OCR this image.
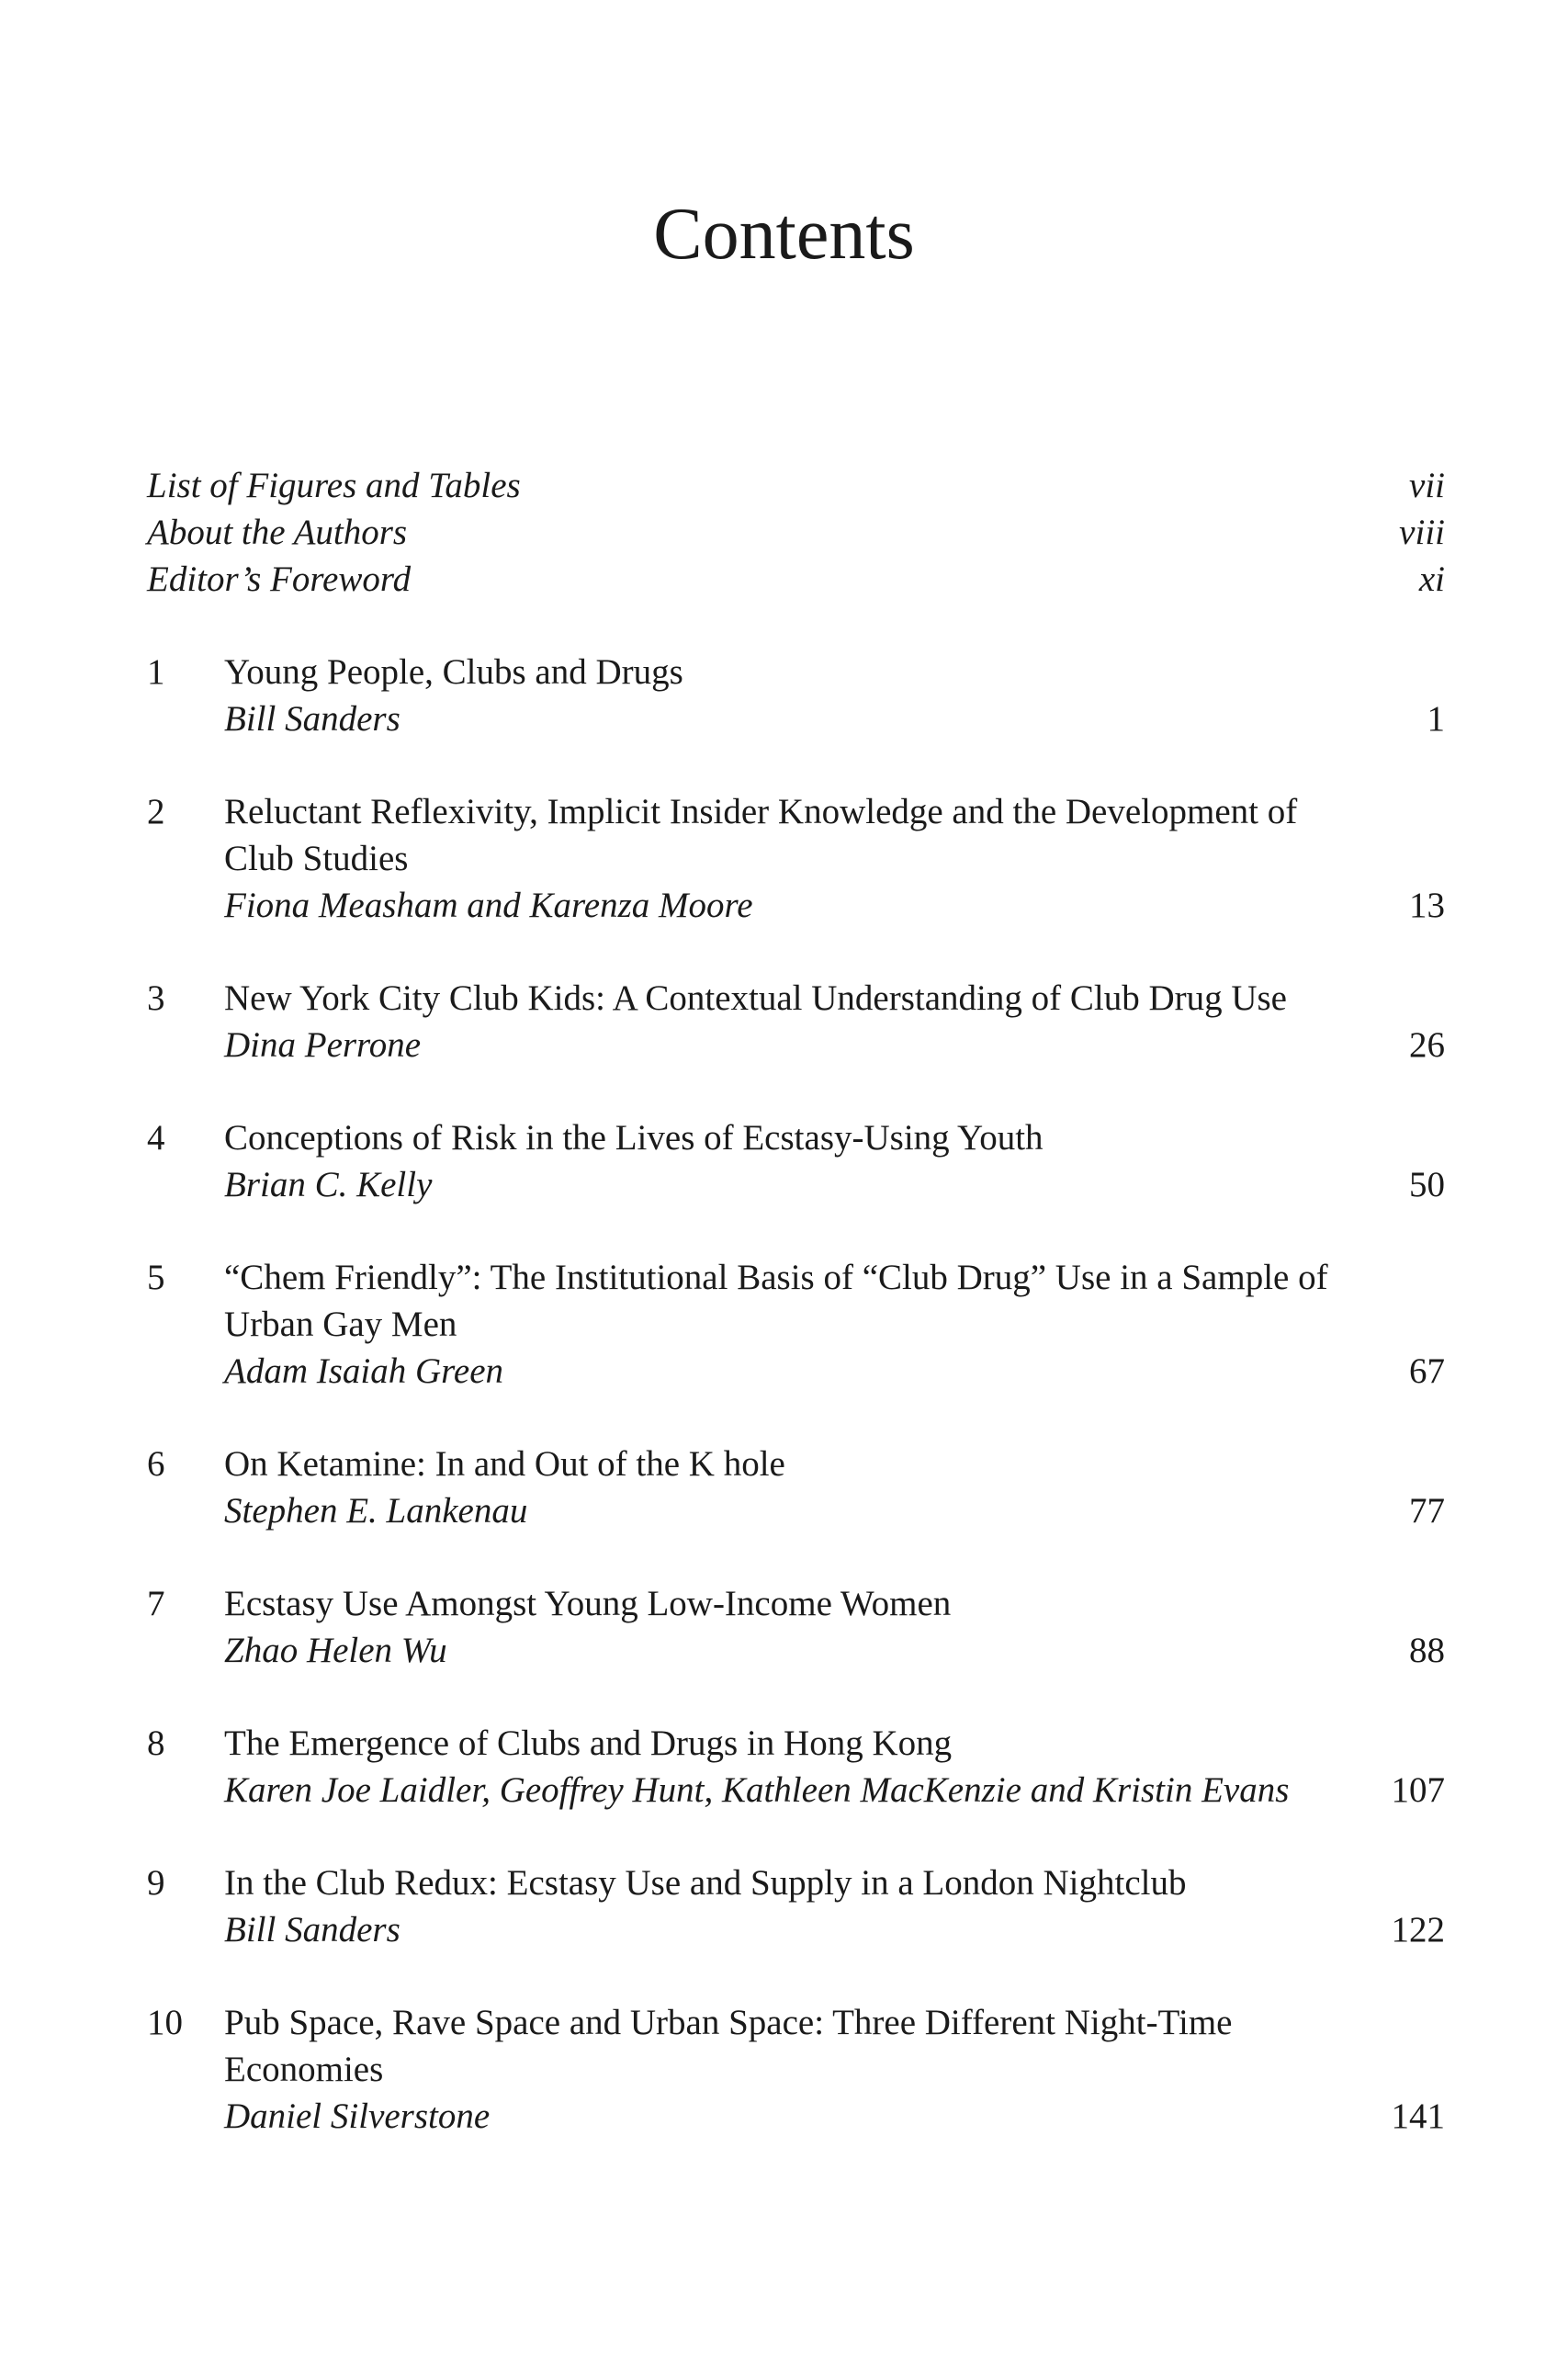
Contents
List of Figures and Tables	vii
About the Authors	viii
Editor’s Foreword	xi
1	Young People, Clubs and Drugs
Bill Sanders	1
2	Reluctant Reflexivity, Implicit Insider Knowledge and the Development of Club Studies
Fiona Measham and Karenza Moore	13
3	New York City Club Kids: A Contextual Understanding of Club Drug Use
Dina Perrone	26
4	Conceptions of Risk in the Lives of Ecstasy-Using Youth
Brian C. Kelly	50
5	“Chem Friendly”: The Institutional Basis of “Club Drug” Use in a Sample of Urban Gay Men
Adam Isaiah Green	67
6	On Ketamine: In and Out of the K hole
Stephen E. Lankenau	77
7	Ecstasy Use Amongst Young Low-Income Women
Zhao Helen Wu	88
8	The Emergence of Clubs and Drugs in Hong Kong
Karen Joe Laidler, Geoffrey Hunt, Kathleen MacKenzie and Kristin Evans	107
9	In the Club Redux: Ecstasy Use and Supply in a London Nightclub
Bill Sanders	122
10	Pub Space, Rave Space and Urban Space: Three Different Night-Time Economies
Daniel Silverstone	141
